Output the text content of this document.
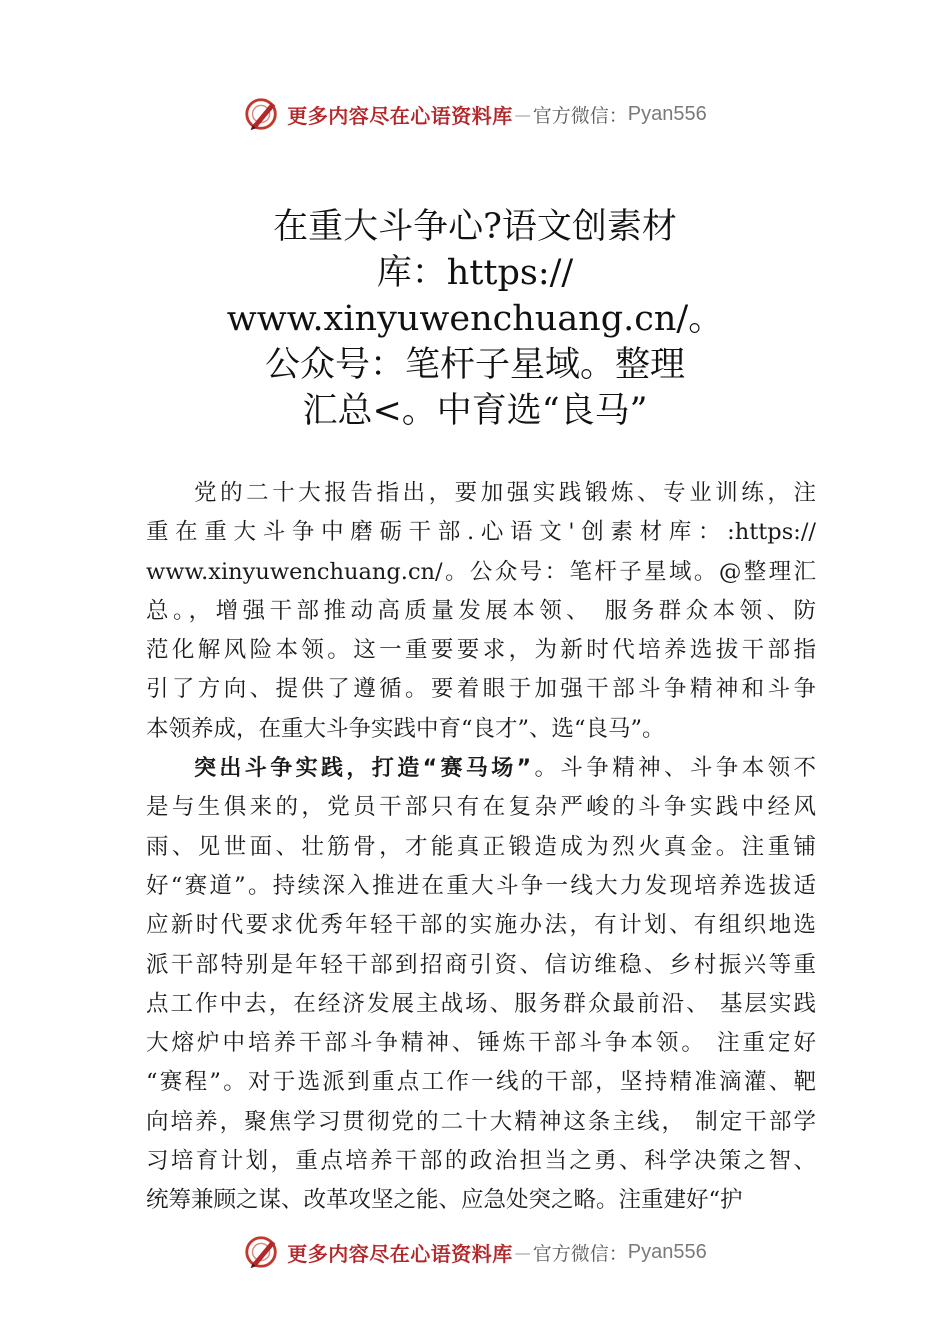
更多内容尽在心语资料库 — 官方微信： Pyan556
在重大斗争心?语文创素材
库：https://
www.xinyuwenchuang.cn/。
公众号：笔杆子星域。整理
汇总<。中育选“良马”
党的二十大报告指出，要加强实践锻炼、专业训练，注
重在重大斗争中磨砺干部.心语文'创素材库：:https://
www.xinyuwenchuang.cn/。公众号：笔杆子星域。@整理汇
总。，增强干部推动高质量发展本领、 服务群众本领、防
范化解风险本领。这一重要要求，为新时代培养选拔干部指
引了方向、提供了遵循。要着眼于加强干部斗争精神和斗争
本领养成，在重大斗争实践中育“良才”、选“良马”。
突出斗争实践，打造“赛马场”。斗争精神、斗争本领不
是与生俱来的，党员干部只有在复杂严峻的斗争实践中经风
雨、见世面、壮筋骨，才能真正锻造成为烈火真金。注重铺
好“赛道”。持续深入推进在重大斗争一线大力发现培养选拔适
应新时代要求优秀年轻干部的实施办法，有计划、有组织地选
派干部特别是年轻干部到招商引资、信访维稳、乡村振兴等重
点工作中去，在经济发展主战场、服务群众最前沿、 基层实践
大熔炉中培养干部斗争精神、锤炼干部斗争本领。 注重定好
“赛程”。对于选派到重点工作一线的干部，坚持精准滴灌、靶
向培养，聚焦学习贯彻党的二十大精神这条主线， 制定干部学
习培育计划，重点培养干部的政治担当之勇、科学决策之智、
统筹兼顾之谋、改革攻坚之能、应急处突之略。注重建好“护
更多内容尽在心语资料库 — 官方微信： Pyan556
